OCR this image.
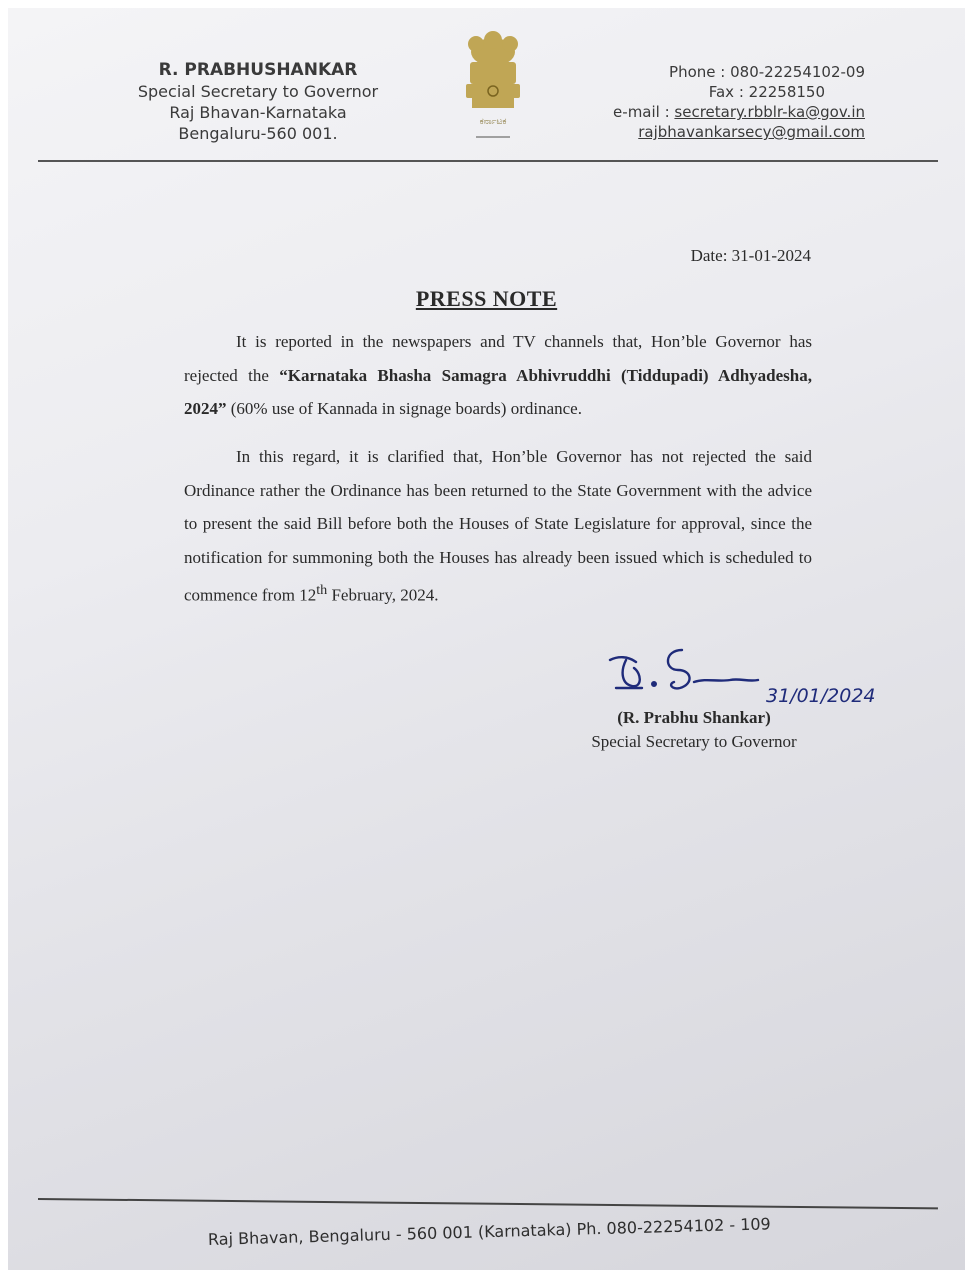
R. PRABHUSHANKAR
Special Secretary to Governor
Raj Bhavan-Karnataka
Bengaluru-560 001.
ಕರ್ನಾಟಕ
Phone : 080-22254102-09
Fax : 22258150
e-mail : secretary.rbblr-ka@gov.in
rajbhavankarsecy@gmail.com
Date: 31-01-2024
PRESS NOTE
It is reported in the newspapers and TV channels that, Hon’ble Governor has rejected the “Karnataka Bhasha Samagra Abhivruddhi (Tiddupadi) Adhyadesha, 2024” (60% use of Kannada in signage boards) ordinance.
In this regard, it is clarified that, Hon’ble Governor has not rejected the said Ordinance rather the Ordinance has been returned to the State Government with the advice to present the said Bill before both the Houses of State Legislature for approval, since the notification for summoning both the Houses has already been issued which is scheduled to commence from 12th February, 2024.
31/01/2024
(R. Prabhu Shankar)
Special Secretary to Governor
Raj Bhavan, Bengaluru - 560 001 (Karnataka) Ph. 080-22254102 - 109
